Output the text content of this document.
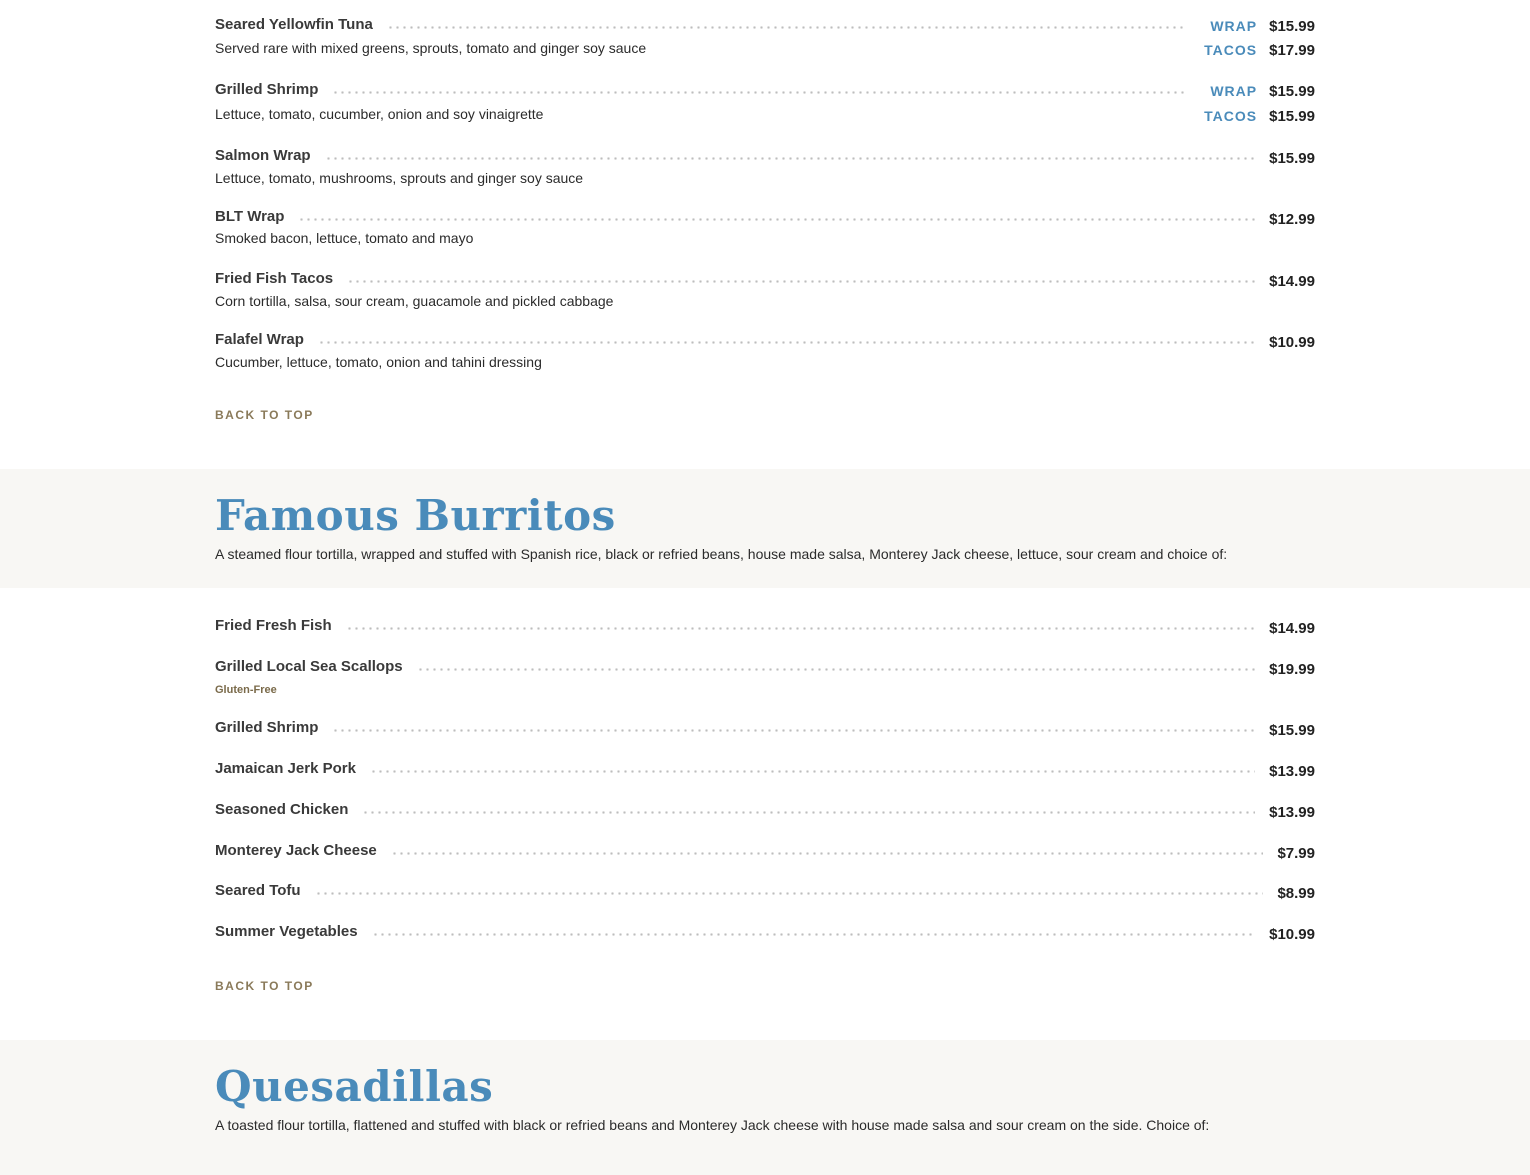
Seared Yellowfin Tuna
Served rare with mixed greens, sprouts, tomato and ginger soy sauce
WRAP $15.99
TACOS $17.99
Grilled Shrimp
Lettuce, tomato, cucumber, onion and soy vinaigrette
WRAP $15.99
TACOS $15.99
Salmon Wrap	$15.99
Lettuce, tomato, mushrooms, sprouts and ginger soy sauce
BLT Wrap	$12.99
Smoked bacon, lettuce, tomato and mayo
Fried Fish Tacos	$14.99
Corn tortilla, salsa, sour cream, guacamole and pickled cabbage
Falafel Wrap	$10.99
Cucumber, lettuce, tomato, onion and tahini dressing
BACK TO TOP
Famous Burritos
A steamed flour tortilla, wrapped and stuffed with Spanish rice, black or refried beans, house made salsa, Monterey Jack cheese, lettuce, sour cream and choice of:
Fried Fresh Fish	$14.99
Grilled Local Sea Scallops	$19.99
Gluten-Free
Grilled Shrimp	$15.99
Jamaican Jerk Pork	$13.99
Seasoned Chicken	$13.99
Monterey Jack Cheese	$7.99
Seared Tofu	$8.99
Summer Vegetables	$10.99
BACK TO TOP
Quesadillas
A toasted flour tortilla, flattened and stuffed with black or refried beans and Monterey Jack cheese with house made salsa and sour cream on the side. Choice of:
